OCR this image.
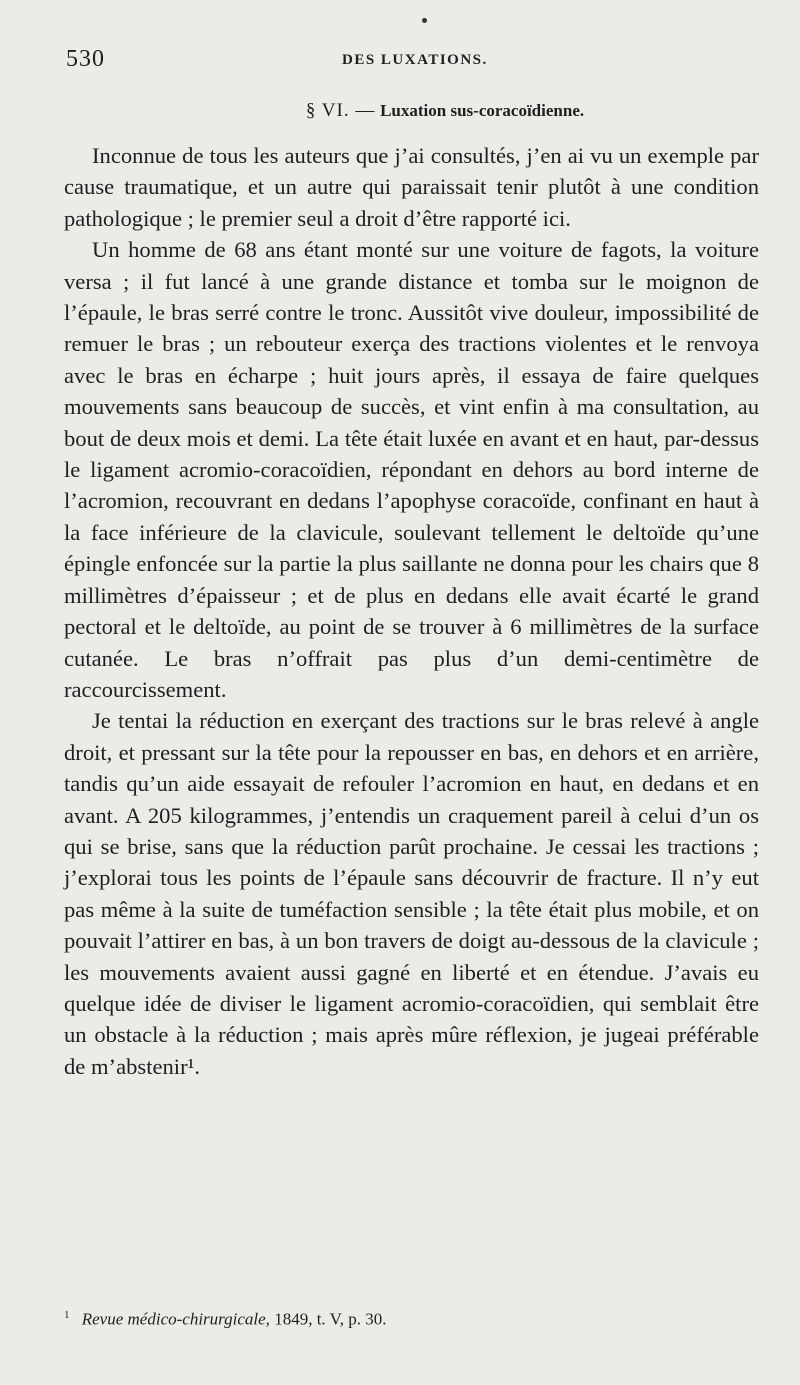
530	DES LUXATIONS.
§ VI. — Luxation sus-coracoïdienne.

Inconnue de tous les auteurs que j’ai consultés, j’en ai vu un exemple par cause traumatique, et un autre qui paraissait tenir plutôt à une condition pathologique ; le premier seul a droit d’être rapporté ici.

Un homme de 68 ans étant monté sur une voiture de fagots, la voiture versa ; il fut lancé à une grande distance et tomba sur le moignon de l’épaule, le bras serré contre le tronc. Aussitôt vive douleur, impossibilité de remuer le bras ; un rebouteur exerça des tractions violentes et le renvoya avec le bras en écharpe ; huit jours après, il essaya de faire quelques mouvements sans beaucoup de succès, et vint enfin à ma consultation, au bout de deux mois et demi. La tête était luxée en avant et en haut, par-dessus le ligament acromio-coracoïdien, répondant en dehors au bord interne de l’acromion, recouvrant en dedans l’apophyse coracoïde, confinant en haut à la face inférieure de la clavicule, soulevant tellement le deltoïde qu’une épingle enfoncée sur la partie la plus saillante ne donna pour les chairs que 8 millimètres d’épaisseur ; et de plus en dedans elle avait écarté le grand pectoral et le deltoïde, au point de se trouver à 6 millimètres de la surface cutanée. Le bras n’offrait pas plus d’un demi-centimètre de raccourcissement.

Je tentai la réduction en exerçant des tractions sur le bras relevé à angle droit, et pressant sur la tête pour la repousser en bas, en dehors et en arrière, tandis qu’un aide essayait de refouler l’acromion en haut, en dedans et en avant. A 205 kilogrammes, j’entendis un craquement pareil à celui d’un os qui se brise, sans que la réduction parût prochaine. Je cessai les tractions ; j’explorai tous les points de l’épaule sans découvrir de fracture. Il n’y eut pas même à la suite de tuméfaction sensible ; la tête était plus mobile, et on pouvait l’attirer en bas, à un bon travers de doigt au-dessous de la clavicule ; les mouvements avaient aussi gagné en liberté et en étendue. J’avais eu quelque idée de diviser le ligament acromio-coracoïdien, qui semblait être un obstacle à la réduction ; mais après mûre réflexion, je jugeai préférable de m’abstenir¹.

$^1$ Revue médico-chirurgicale, 1849, t. V, p. 30.
